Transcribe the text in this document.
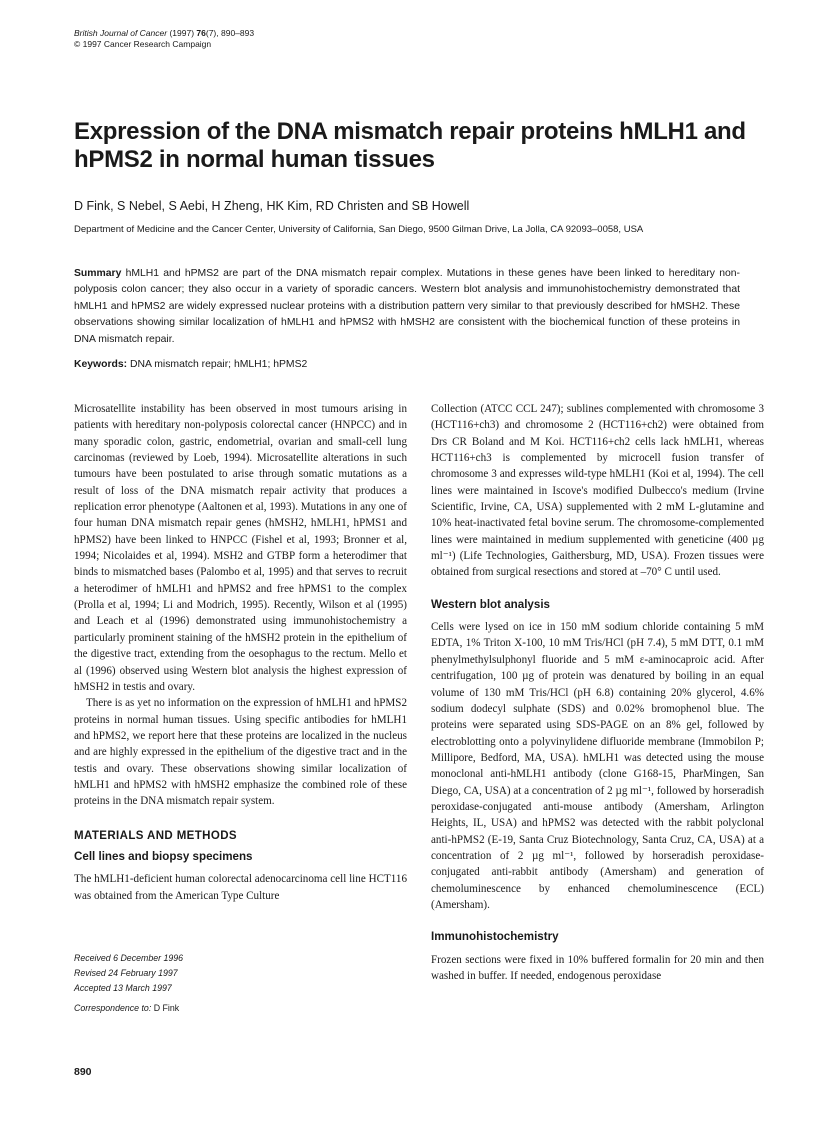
British Journal of Cancer (1997) 76(7), 890–893
© 1997 Cancer Research Campaign
Expression of the DNA mismatch repair proteins hMLH1 and hPMS2 in normal human tissues
D Fink, S Nebel, S Aebi, H Zheng, HK Kim, RD Christen and SB Howell
Department of Medicine and the Cancer Center, University of California, San Diego, 9500 Gilman Drive, La Jolla, CA 92093–0058, USA
Summary hMLH1 and hPMS2 are part of the DNA mismatch repair complex. Mutations in these genes have been linked to hereditary non-polyposis colon cancer; they also occur in a variety of sporadic cancers. Western blot analysis and immunohistochemistry demonstrated that hMLH1 and hPMS2 are widely expressed nuclear proteins with a distribution pattern very similar to that previously described for hMSH2. These observations showing similar localization of hMLH1 and hPMS2 with hMSH2 are consistent with the biochemical function of these proteins in DNA mismatch repair.
Keywords: DNA mismatch repair; hMLH1; hPMS2

Microsatellite instability has been observed in most tumours arising in patients with hereditary non-polyposis colorectal cancer (HNPCC) and in many sporadic colon, gastric, endometrial, ovarian and small-cell lung carcinomas (reviewed by Loeb, 1994). Microsatellite alterations in such tumours have been postulated to arise through somatic mutations as a result of loss of the DNA mismatch repair activity that produces a replication error phenotype (Aaltonen et al, 1993). Mutations in any one of four human DNA mismatch repair genes (hMSH2, hMLH1, hPMS1 and hPMS2) have been linked to HNPCC (Fishel et al, 1993; Bronner et al, 1994; Nicolaides et al, 1994). MSH2 and GTBP form a heterodimer that binds to mismatched bases (Palombo et al, 1995) and that serves to recruit a heterodimer of hMLH1 and hPMS2 and free hPMS1 to the complex (Prolla et al, 1994; Li and Modrich, 1995). Recently, Wilson et al (1995) and Leach et al (1996) demonstrated using immunohistochemistry a particularly prominent staining of the hMSH2 protein in the epithelium of the digestive tract, extending from the oesophagus to the rectum. Mello et al (1996) observed using Western blot analysis the highest expression of hMSH2 in testis and ovary.

There is as yet no information on the expression of hMLH1 and hPMS2 proteins in normal human tissues. Using specific antibodies for hMLH1 and hPMS2, we report here that these proteins are localized in the nucleus and are highly expressed in the epithelium of the digestive tract and in the testis and ovary. These observations showing similar localization of hMLH1 and hPMS2 with hMSH2 emphasize the combined role of these proteins in the DNA mismatch repair system.

MATERIALS AND METHODS
Cell lines and biopsy specimens

The hMLH1-deficient human colorectal adenocarcinoma cell line HCT116 was obtained from the American Type Culture

Collection (ATCC CCL 247); sublines complemented with chromosome 3 (HCT116+ch3) and chromosome 2 (HCT116+ch2) were obtained from Drs CR Boland and M Koi. HCT116+ch2 cells lack hMLH1, whereas HCT116+ch3 is complemented by microcell fusion transfer of chromosome 3 and expresses wild-type hMLH1 (Koi et al, 1994). The cell lines were maintained in Iscove's modified Dulbecco's medium (Irvine Scientific, Irvine, CA, USA) supplemented with 2 mM L-glutamine and 10% heat-inactivated fetal bovine serum. The chromosome-complemented lines were maintained in medium supplemented with geneticine (400 µg ml⁻¹) (Life Technologies, Gaithersburg, MD, USA). Frozen tissues were obtained from surgical resections and stored at –70° C until used.

Western blot analysis

Cells were lysed on ice in 150 mM sodium chloride containing 5 mM EDTA, 1% Triton X-100, 10 mM Tris/HCl (pH 7.4), 5 mM DTT, 0.1 mM phenylmethylsulphonyl fluoride and 5 mM ε-aminocaproic acid. After centrifugation, 100 µg of protein was denatured by boiling in an equal volume of 130 mM Tris/HCl (pH 6.8) containing 20% glycerol, 4.6% sodium dodecyl sulphate (SDS) and 0.02% bromophenol blue. The proteins were separated using SDS-PAGE on an 8% gel, followed by electroblotting onto a polyvinylidene difluoride membrane (Immobilon P; Millipore, Bedford, MA, USA). hMLH1 was detected using the mouse monoclonal anti-hMLH1 antibody (clone G168-15, PharMingen, San Diego, CA, USA) at a concentration of 2 µg ml⁻¹, followed by horseradish peroxidase-conjugated anti-mouse antibody (Amersham, Arlington Heights, IL, USA) and hPMS2 was detected with the rabbit polyclonal anti-hPMS2 (E-19, Santa Cruz Biotechnology, Santa Cruz, CA, USA) at a concentration of 2 µg ml⁻¹, followed by horseradish peroxidase-conjugated anti-rabbit antibody (Amersham) and generation of chemoluminescence by enhanced chemoluminescence (ECL) (Amersham).

Immunohistochemistry

Frozen sections were fixed in 10% buffered formalin for 20 min and then washed in buffer. If needed, endogenous peroxidase

Received 6 December 1996
Revised 24 February 1997
Accepted 13 March 1997
Correspondence to: D Fink
890
